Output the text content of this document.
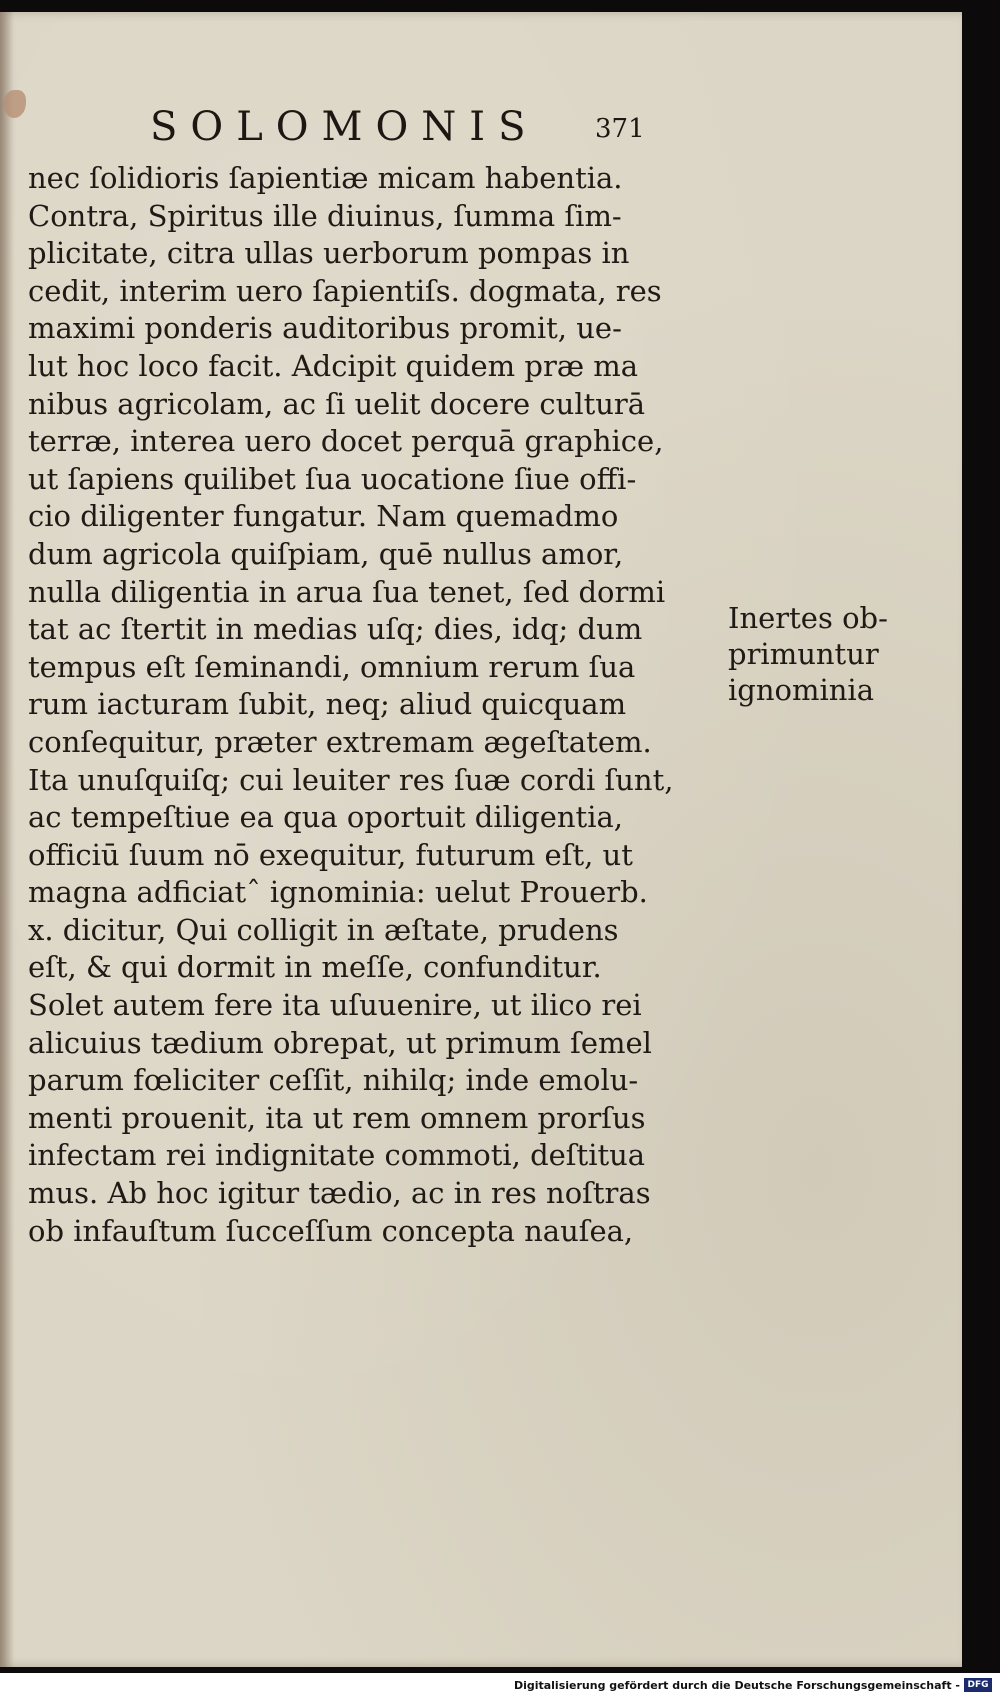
SOLOMONIS 371
nec ſolidioris ſapientiæ micam habentia.
Contra, Spiritus ille diuinus, ſumma ſim-
plicitate, citra ullas uerborum pompas in
cedit, interim uero ſapientiſs. dogmata, res
maximi ponderis auditoribus promit, ue-
lut hoc loco facit. Adcipit quidem præ ma
nibus agricolam, ac ſi uelit docere culturā
terræ, interea uero docet perquā graphice,
ut ſapiens quilibet ſua uocatione ſiue offi-
cio diligenter fungatur. Nam quemadmo
dum agricola quiſpiam, quē nullus amor,
nulla diligentia in arua ſua tenet, ſed dormi
tat ac ſtertit in medias uſq; dies, idq; dum
tempus eſt ſeminandi, omnium rerum ſua
rum iacturam ſubit, neq; aliud quicquam
conſequitur, præter extremam ægeſtatem.
Ita unuſquiſq; cui leuiter res ſuæ cordi ſunt,
ac tempeſtiue ea qua oportuit diligentia,
officiū ſuum nō exequitur, futurum eſt, ut
magna adficiatˆ ignominia: uelut Prouerb.
x. dicitur, Qui colligit in æſtate, prudens
eſt, & qui dormit in meſſe, confunditur.
Solet autem fere ita uſuuenire, ut ilico rei
alicuius tædium obrepat, ut primum ſemel
parum fœliciter ceſſit, nihilq; inde emolu-
menti prouenit, ita ut rem omnem prorſus
infectam rei indignitate commoti, deſtitua
mus. Ab hoc igitur tædio, ac in res noſtras
ob infauſtum ſucceſſum concepta nauſea,
Inertes ob-
primuntur
ignominia
Digitalisierung gefördert durch die Deutsche Forschungsgemeinschaft - DFG
